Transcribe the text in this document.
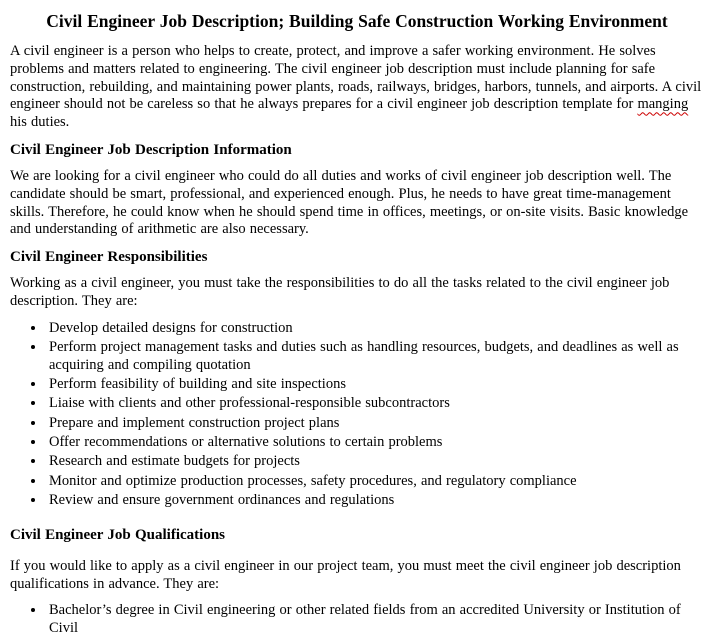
Civil Engineer Job Description; Building Safe Construction Working Environment

A civil engineer is a person who helps to create, protect, and improve a safer working environment. He solves problems and matters related to engineering. The civil engineer job description must include planning for safe construction, rebuilding, and maintaining power plants, roads, railways, bridges, harbors, tunnels, and airports. A civil engineer should not be careless so that he always prepares for a civil engineer job description template for manging his duties.

Civil Engineer Job Description Information

We are looking for a civil engineer who could do all duties and works of civil engineer job description well. The candidate should be smart, professional, and experienced enough. Plus, he needs to have great time-management skills. Therefore, he could know when he should spend time in offices, meetings, or on-site visits. Basic knowledge and understanding of arithmetic are also necessary.

Civil Engineer Responsibilities

Working as a civil engineer, you must take the responsibilities to do all the tasks related to the civil engineer job description. They are:

• Develop detailed designs for construction
• Perform project management tasks and duties such as handling resources, budgets, and deadlines as well as acquiring and compiling quotation
• Perform feasibility of building and site inspections
• Liaise with clients and other professional-responsible subcontractors
• Prepare and implement construction project plans
• Offer recommendations or alternative solutions to certain problems
• Research and estimate budgets for projects
• Monitor and optimize production processes, safety procedures, and regulatory compliance
• Review and ensure government ordinances and regulations
Civil Engineer Job Qualifications

If you would like to apply as a civil engineer in our project team, you must meet the civil engineer job description qualifications in advance. They are:

• Bachelor’s degree in Civil engineering or other related fields from an accredited University or Institution of Civil
